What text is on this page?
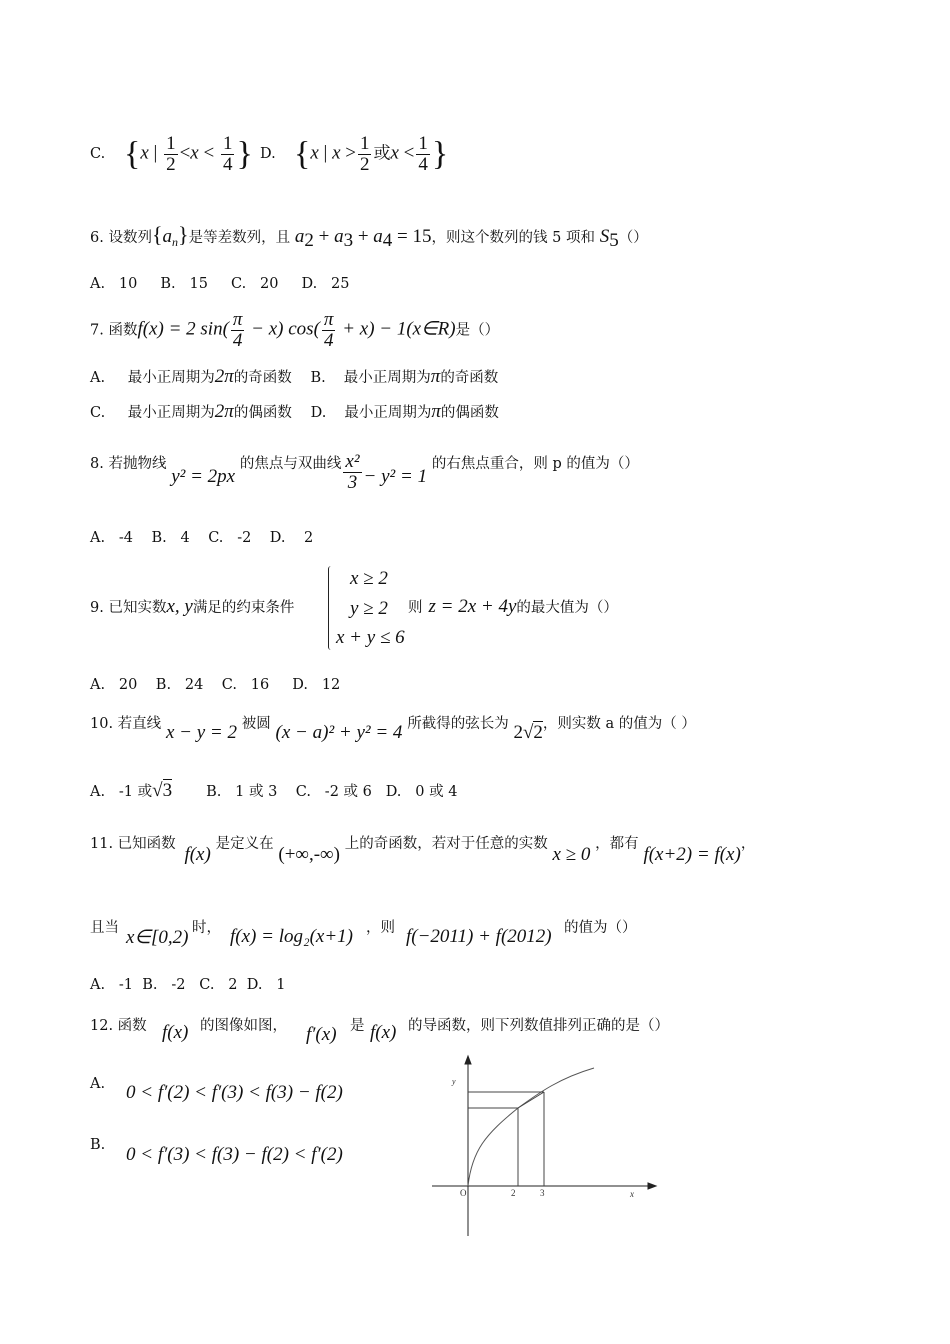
C. {x | $\frac{1}{2} <x < \frac{1}{4}$ } D. {x | $x > \frac{1}{2}$ 或$x < \frac{1}{4}$ }
6. 设数列$\{a_n\}$是等差数列，且 $a_2 + a_3 + a_4 = 15$，则这个数列的钱 5 项和 $S_5()$
A.   10     B.   15     C.   20     D.   25
7. 函数f(x) = 2 $\sin( \frac{\pi}{4} - x)$ $\cos( \frac{\pi}{4} + x)$ − 1(x∈R)是（）
A. 最小正周期为2π的奇函数 B. 最小正周期为π的奇函数
C. 最小正周期为2π的偶函数 D. 最小正周期为π的偶函数
8. 若抛物线 y² = 2px 的焦点与双曲线 $\frac{\text{x²}}{3} - y^2 = 1$ 的右焦点重合，则 p 的值为（）
A.   -4    B.   4    C.   -2    D.    2
9. 已知实数x, y满足的约束条件
x ≥ 2
y ≥ 2
x + y ≤ 6
则 z = 2x + 4y的最大值为（）
A.   20    B.   24    C.   16     D.   12
10. 若直线 x − y = 2 被圆 (x − a)² + y² = 4 所截得的弦长为 2√2，则实数 a 的值为（ ）
A.   -1 或√3 B.   1 或 3    C.   -2 或 6   D.   0 或 4
11. 已知函数 f(x) 是定义在 (+∞,-∞) 上的奇函数，若对于任意的实数 x ≥ 0 ，都有 f(x+2) = f(x)，
且当 x∈[0,2) 时， f(x) = log₂(x+1) ，则 f(−2011) + f(2012) 的值为（）
A.   -1  B.   -2   C.   2  D.   1
12. 函数 f(x) 的图像如图， f′(x) 是 f(x) 的导函数，则下列数值排列正确的是（）
A. 0 < f′(2) < f′(3) < f(3) − f(2)
B. 0 < f′(3) < f(3) − f(2) < f′(2)
y
O	2	3	x
